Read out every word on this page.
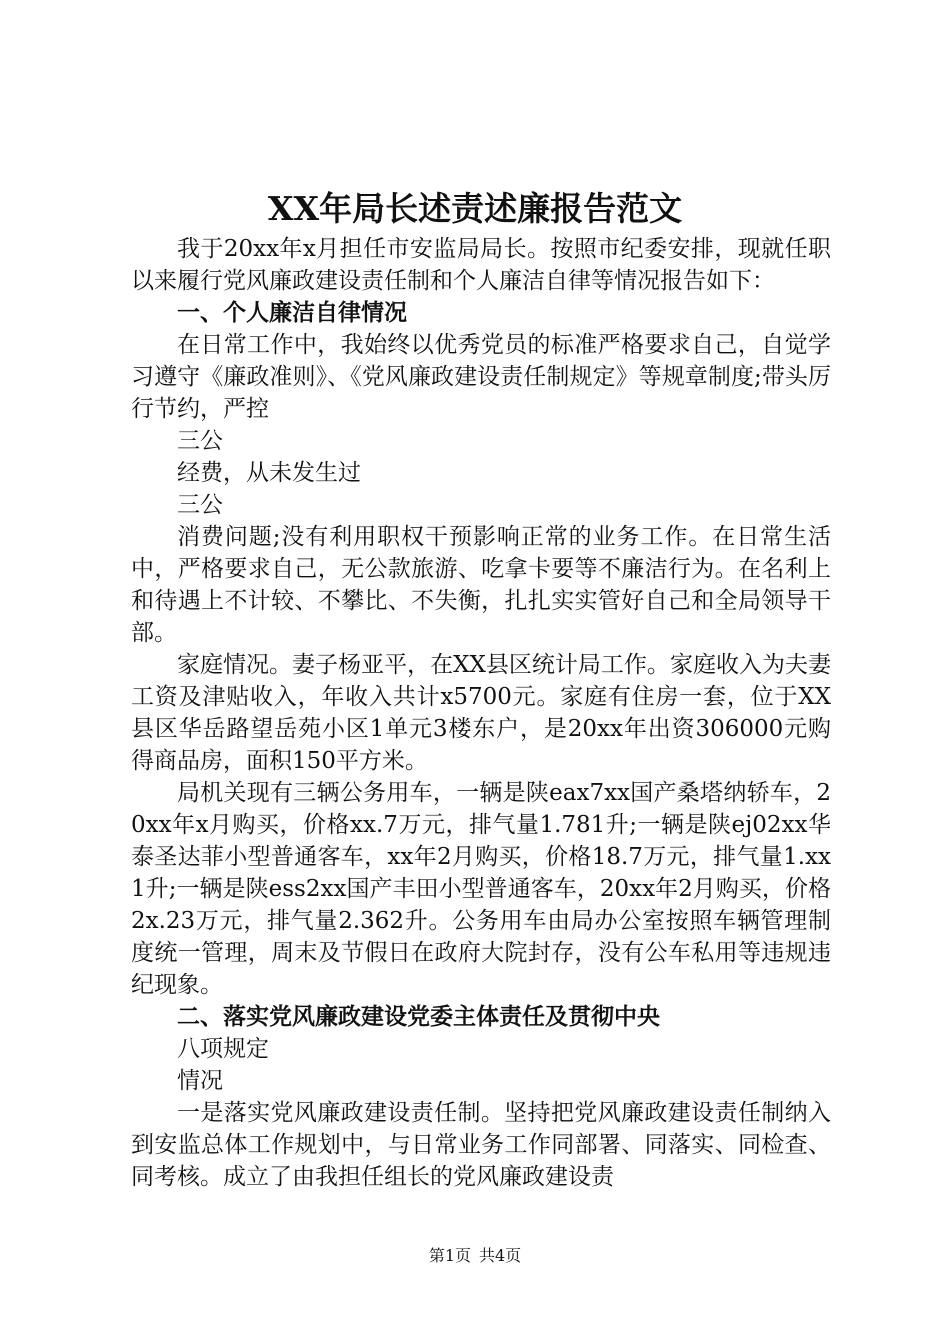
XX年局长述责述廉报告范文

我于20xx年x月担任市安监局局长。按照市纪委安排，现就任职以来履行党风廉政建设责任制和个人廉洁自律等情况报告如下：

一、个人廉洁自律情况

在日常工作中，我始终以优秀党员的标准严格要求自己，自觉学习遵守《廉政准则》、《党风廉政建设责任制规定》等规章制度;带头厉行节约，严控

三公

经费，从未发生过

三公

消费问题;没有利用职权干预影响正常的业务工作。在日常生活中，严格要求自己，无公款旅游、吃拿卡要等不廉洁行为。在名利上和待遇上不计较、不攀比、不失衡，扎扎实实管好自己和全局领导干部。

家庭情况。妻子杨亚平，在XX县区统计局工作。家庭收入为夫妻工资及津贴收入，年收入共计x5700元。家庭有住房一套，位于XX县区华岳路望岳苑小区1单元3楼东户，是20xx年出资306000元购得商品房，面积150平方米。

局机关现有三辆公务用车，一辆是陕eax7xx国产桑塔纳轿车，20xx年x月购买，价格xx.7万元，排气量1.781升;一辆是陕ej02xx华泰圣达菲小型普通客车，xx年2月购买，价格18.7万元，排气量1.xx1升;一辆是陕ess2xx国产丰田小型普通客车，20xx年2月购买，价格2x.23万元，排气量2.362升。公务用车由局办公室按照车辆管理制度统一管理，周末及节假日在政府大院封存，没有公车私用等违规违纪现象。

二、落实党风廉政建设党委主体责任及贯彻中央

八项规定

情况

一是落实党风廉政建设责任制。坚持把党风廉政建设责任制纳入到安监总体工作规划中，与日常业务工作同部署、同落实、同检查、同考核。成立了由我担任组长的党风廉政建设责

第1页 共4页
